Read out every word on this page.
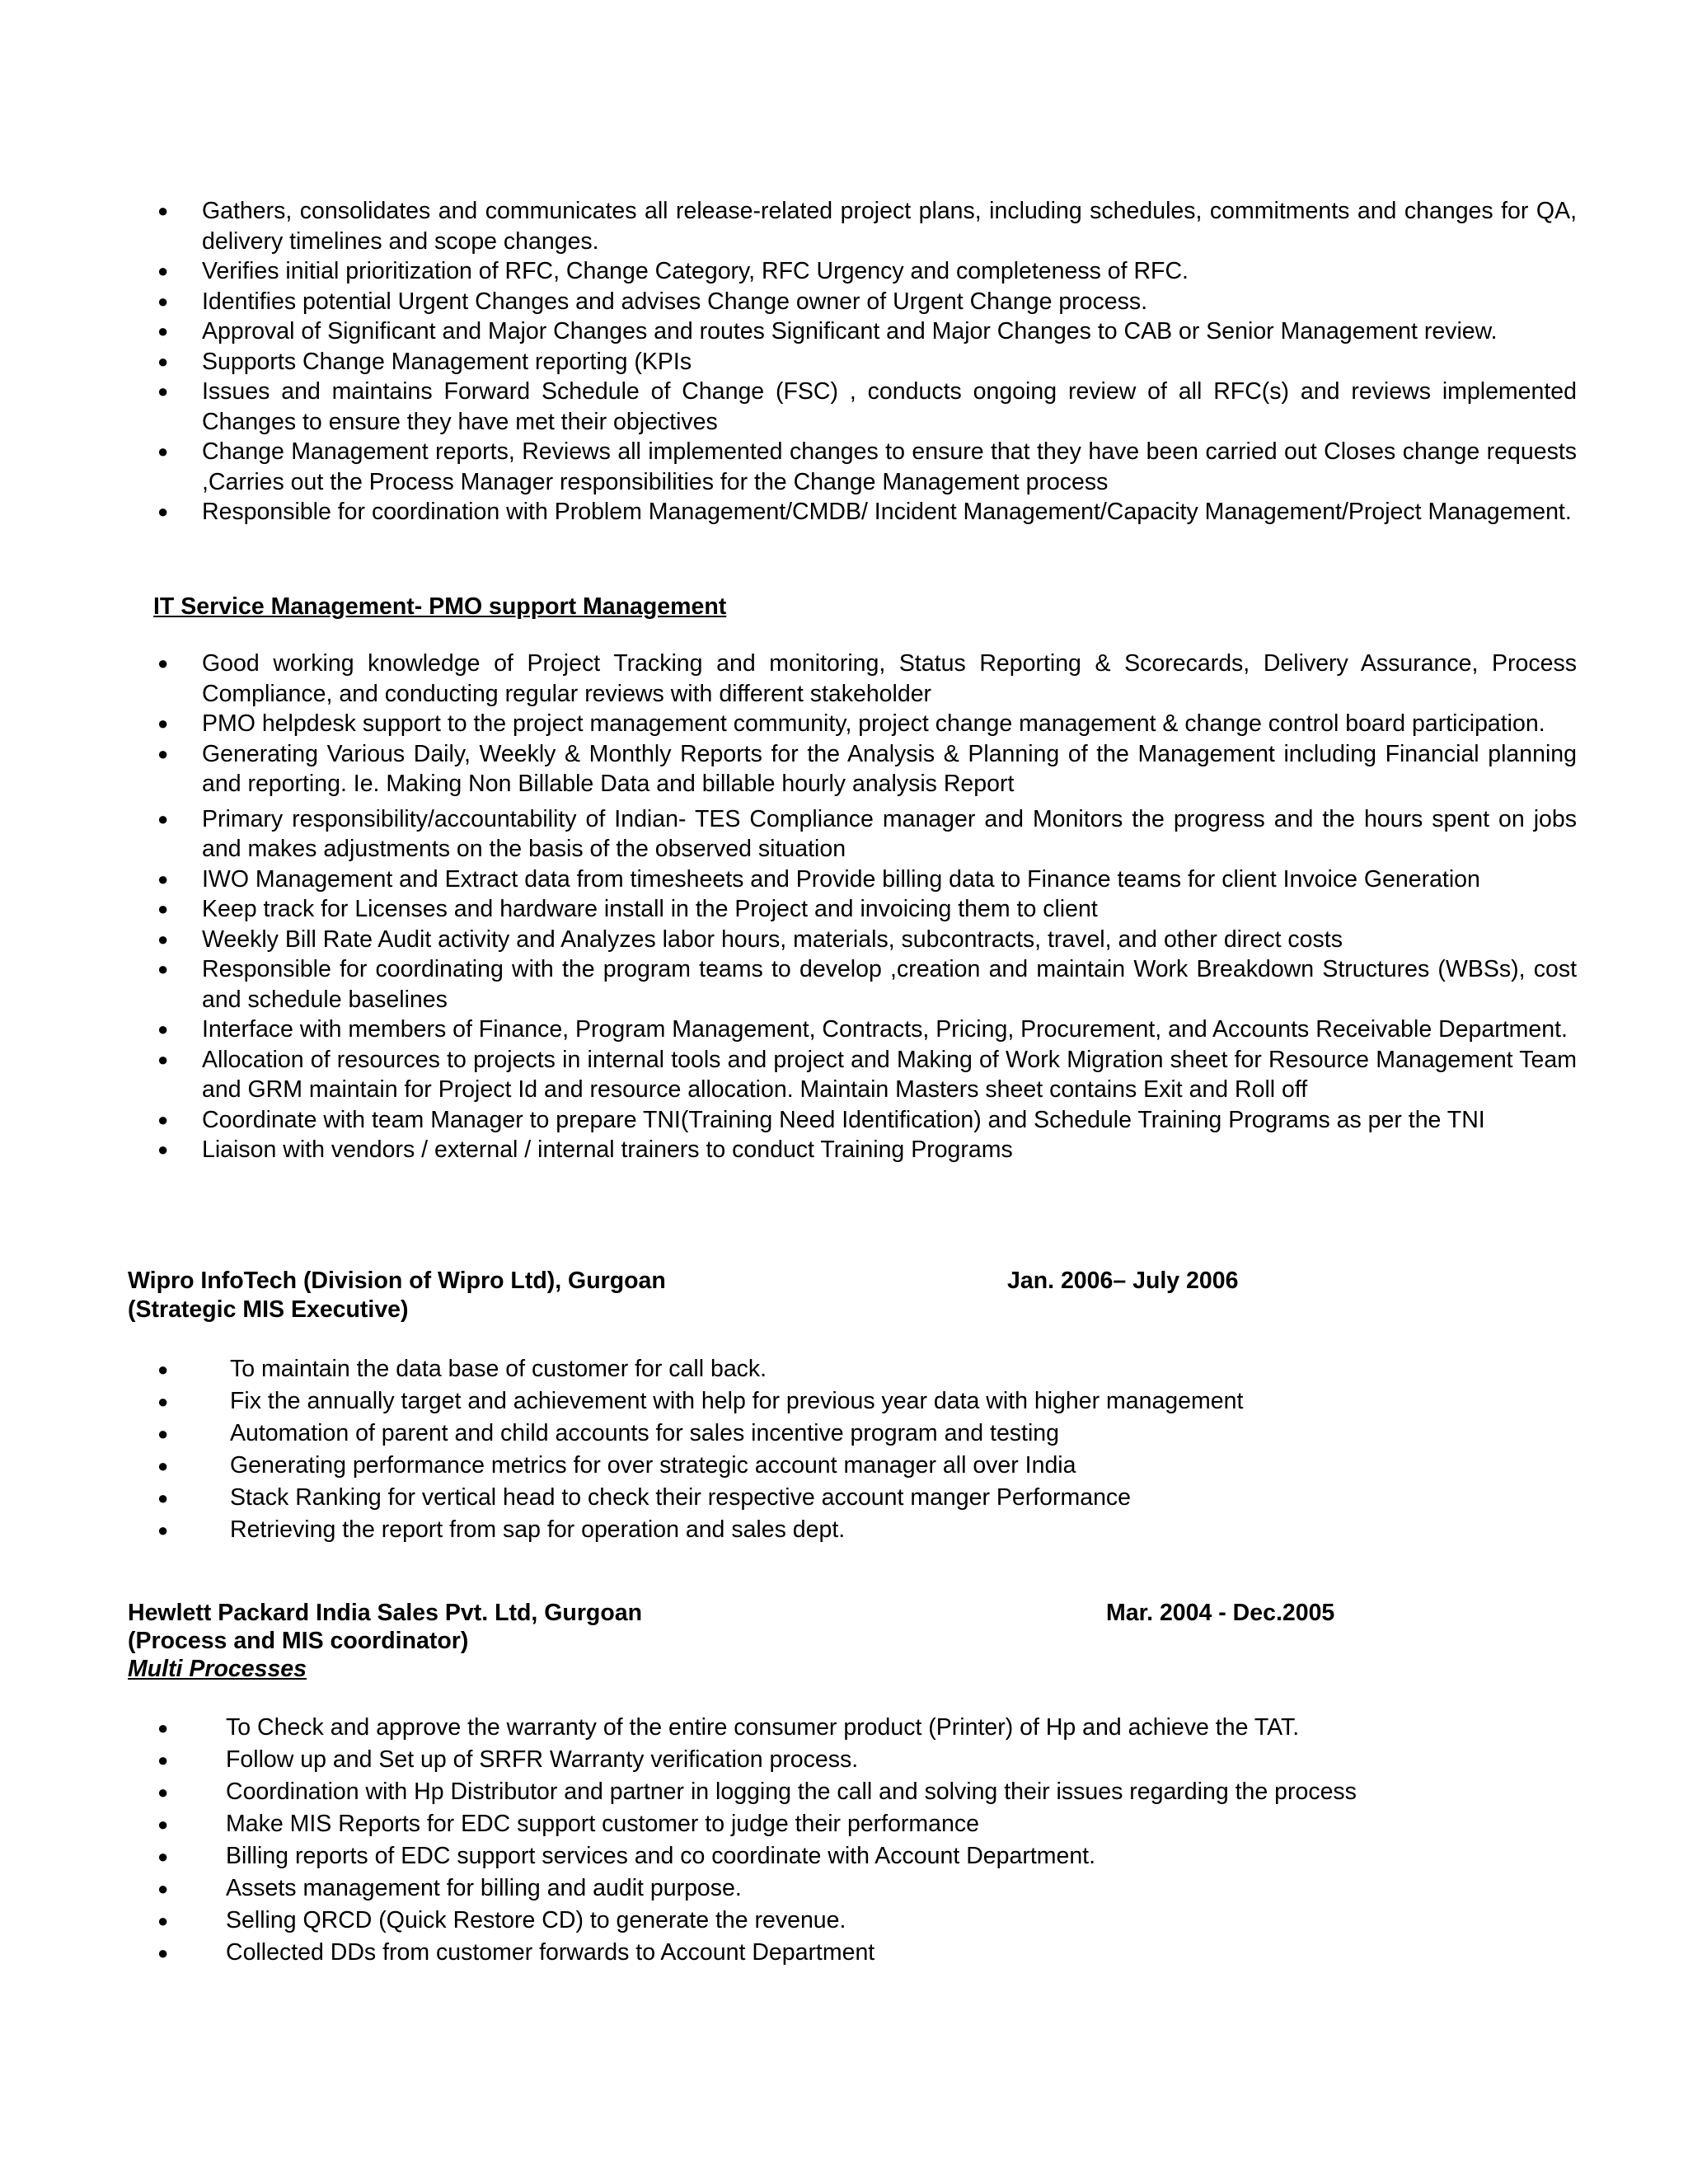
● Gathers, consolidates and communicates all release-related project plans, including schedules, commitments and changes for QA, delivery timelines and scope changes.
● Verifies initial prioritization of RFC, Change Category, RFC Urgency and completeness of RFC.
● Identifies potential Urgent Changes and advises Change owner of Urgent Change process.
● Approval of Significant and Major Changes and routes Significant and Major Changes to CAB or Senior Management review.
● Supports Change Management reporting (KPIs
● Issues and maintains Forward Schedule of Change (FSC) , conducts ongoing review of all RFC(s) and reviews implemented Changes to ensure they have met their objectives
● Change Management reports, Reviews all implemented changes to ensure that they have been carried out Closes change requests ,Carries out the Process Manager responsibilities for the Change Management process
● Responsible for coordination with Problem Management/CMDB/ Incident Management/Capacity Management/Project Management.
IT Service Management- PMO support Management
● Good working knowledge of Project Tracking and monitoring, Status Reporting & Scorecards, Delivery Assurance, Process Compliance, and conducting regular reviews with different stakeholder
● PMO helpdesk support to the project management community, project change management & change control board participation.
● Generating Various Daily, Weekly & Monthly Reports for the Analysis & Planning of the Management including Financial planning and reporting. Ie. Making Non Billable Data and billable hourly analysis Report
● Primary responsibility/accountability of Indian- TES Compliance manager and Monitors the progress and the hours spent on jobs and makes adjustments on the basis of the observed situation
● IWO Management and Extract data from timesheets and Provide billing data to Finance teams for client Invoice Generation
● Keep track for Licenses and hardware install in the Project and invoicing them to client
● Weekly Bill Rate Audit activity and Analyzes labor hours, materials, subcontracts, travel, and other direct costs
● Responsible for coordinating with the program teams to develop ,creation and maintain Work Breakdown Structures (WBSs), cost and schedule baselines
● Interface with members of Finance, Program Management, Contracts, Pricing, Procurement, and Accounts Receivable Department.
● Allocation of resources to projects in internal tools and project and Making of Work Migration sheet for Resource Management Team and GRM maintain for Project Id and resource allocation. Maintain Masters sheet contains Exit and Roll off
● Coordinate with team Manager to prepare TNI(Training Need Identification) and Schedule Training Programs as per the TNI
● Liaison with vendors / external / internal trainers to conduct Training Programs
Wipro InfoTech (Division of Wipro Ltd), Gurgoan	Jan. 2006– July 2006
(Strategic MIS Executive)
●	To maintain the data base of customer for call back.
●	Fix the annually target and achievement with help for previous year data with higher management
●	Automation of parent and child accounts for sales incentive program and testing
●	Generating performance metrics for over strategic account manager all over India
●	Stack Ranking for vertical head to check their respective account manger Performance
●	Retrieving the report from sap for operation and sales dept.
Hewlett Packard India Sales Pvt. Ltd, Gurgoan	Mar. 2004 - Dec.2005
(Process and MIS coordinator)
Multi Processes
● To Check and approve the warranty of the entire consumer product (Printer) of Hp and achieve the TAT.
● Follow up and Set up of SRFR Warranty verification process.
● Coordination with Hp Distributor and partner in logging the call and solving their issues regarding the process
● Make MIS Reports for EDC support customer to judge their performance
● Billing reports of EDC support services and co coordinate with Account Department.
● Assets management for billing and audit purpose.
● Selling QRCD (Quick Restore CD) to generate the revenue.
● Collected DDs from customer forwards to Account Department
